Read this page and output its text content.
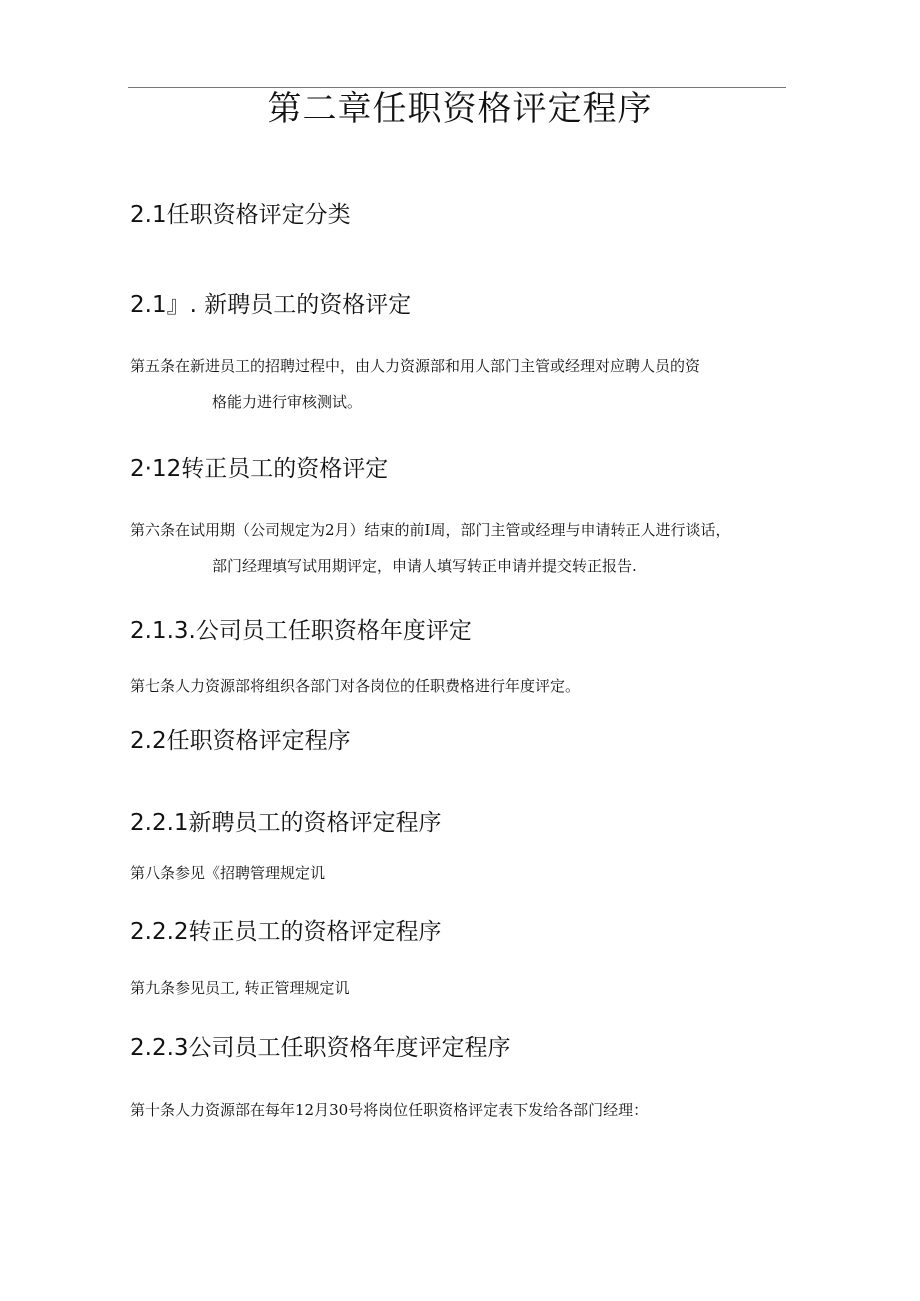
第二章任职资格评定程序
2.1任职资格评定分类
2.1』. 新聘员工的资格评定

第五条在新进员工的招聘过程中，由人力资源部和用人部门主管或经理对应聘人员的资
格能力进行审核测试。

2·12转正员工的资格评定

第六条在试用期（公司规定为2月）结束的前Ⅰ周，部门主管或经理与申请转正人进行谈话，
部门经理填写试用期评定，申请人填写转正申请并提交转正报告.

2.1.3.公司员工任职资格年度评定

第七条人力资源部将组织各部门对各岗位的任职费格进行年度评定。

2.2任职资格评定程序
2.2.1新聘员工的资格评定程序

第八条参见《招聘管理规定讥

2.2.2转正员工的资格评定程序

第九条参见员工, 转正管理规定讥

2.2.3公司员工任职资格年度评定程序

第十条人力资源部在每年12月30号将岗位任职资格评定表下发给各部门经理：
